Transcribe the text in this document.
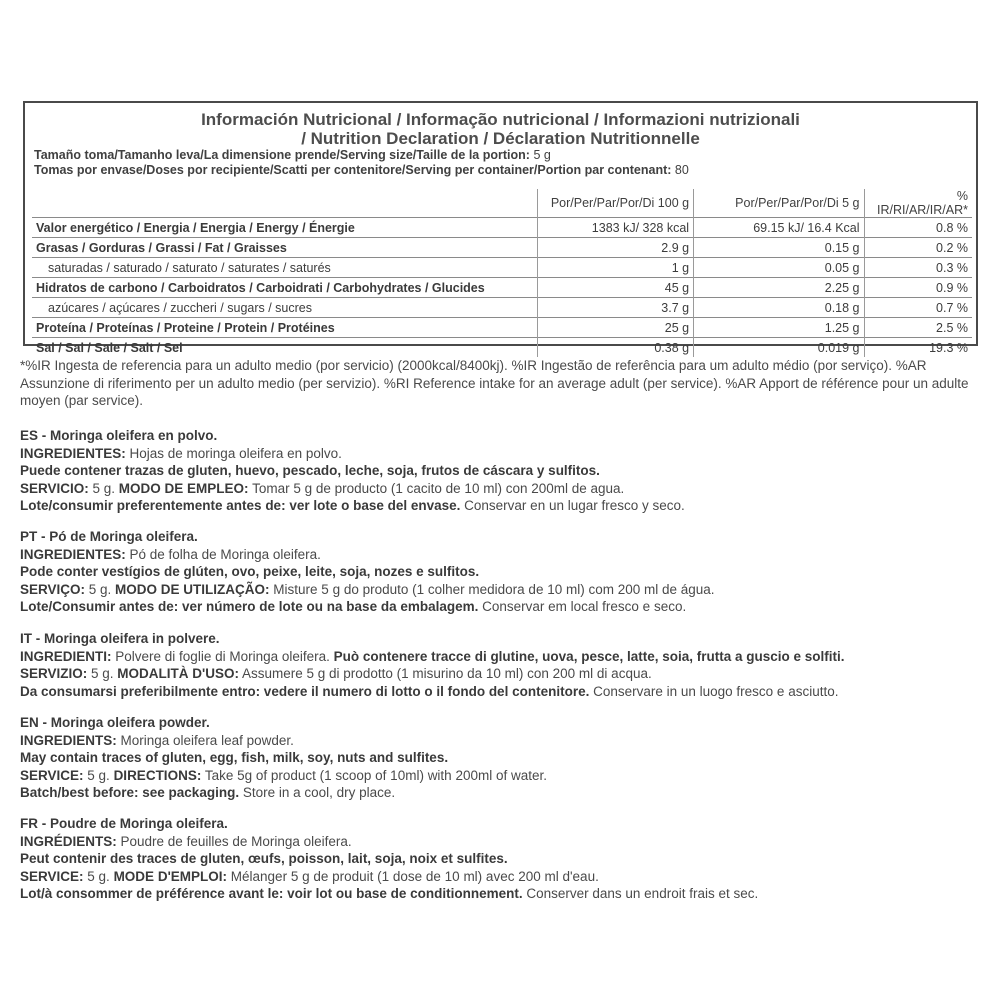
Información Nutricional / Informação nutricional / Informazioni nutrizionali
/ Nutrition Declaration / Déclaration Nutritionnelle
Tamaño toma/Tamanho leva/La dimensione prende/Serving size/Taille de la portion: 5 g
Tomas por envase/Doses por recipiente/Scatti per contenitore/Serving per container/Portion par contenant: 80
	Por/Per/Par/Por/Di 100 g	Por/Per/Par/Por/Di 5 g	% IR/RI/AR/IR/AR*
Valor energético / Energia / Energia / Energy / Énergie	1383 kJ/ 328 kcal	69.15 kJ/ 16.4 Kcal	0.8 %
Grasas / Gorduras / Grassi / Fat / Graisses	2.9 g	0.15 g	0.2 %
saturadas / saturado / saturato / saturates / saturés	1 g	0.05 g	0.3 %
Hidratos de carbono / Carboidratos / Carboidrati / Carbohydrates / Glucides	45 g	2.25 g	0.9 %
azúcares / açúcares / zuccheri / sugars / sucres	3.7 g	0.18 g	0.7 %
Proteína / Proteínas / Proteine / Protein / Protéines	25 g	1.25 g	2.5 %
Sal / Sal / Sale / Salt / Sel	0.38 g	0.019 g	19.3 %
*%IR Ingesta de referencia para un adulto medio (por servicio) (2000kcal/8400kj). %IR Ingestão de referência para um adulto médio (por serviço). %AR Assunzione di riferimento per un adulto medio (per servizio). %RI Reference intake for an average adult (per service). %AR Apport de référence pour un adulte moyen (par service).
ES - Moringa oleifera en polvo.
INGREDIENTES: Hojas de moringa oleifera en polvo.
Puede contener trazas de gluten, huevo, pescado, leche, soja, frutos de cáscara y sulfitos.
SERVICIO: 5 g. MODO DE EMPLEO: Tomar 5 g de producto (1 cacito de 10 ml) con 200ml de agua.
Lote/consumir preferentemente antes de: ver lote o base del envase. Conservar en un lugar fresco y seco.
PT - Pó de Moringa oleifera.
INGREDIENTES: Pó de folha de Moringa oleifera.
Pode conter vestígios de glúten, ovo, peixe, leite, soja, nozes e sulfitos.
SERVIÇO: 5 g. MODO DE UTILIZAÇÃO: Misture 5 g do produto (1 colher medidora de 10 ml) com 200 ml de água.
Lote/Consumir antes de: ver número de lote ou na base da embalagem. Conservar em local fresco e seco.
IT - Moringa oleifera in polvere.
INGREDIENTI: Polvere di foglie di Moringa oleifera. Può contenere tracce di glutine, uova, pesce, latte, soia, frutta a guscio e solfiti.
SERVIZIO: 5 g. MODALITÀ D'USO: Assumere 5 g di prodotto (1 misurino da 10 ml) con 200 ml di acqua.
Da consumarsi preferibilmente entro: vedere il numero di lotto o il fondo del contenitore. Conservare in un luogo fresco e asciutto.
EN - Moringa oleifera powder.
INGREDIENTS: Moringa oleifera leaf powder.
May contain traces of gluten, egg, fish, milk, soy, nuts and sulfites.
SERVICE: 5 g. DIRECTIONS: Take 5g of product (1 scoop of 10ml) with 200ml of water.
Batch/best before: see packaging. Store in a cool, dry place.
FR - Poudre de Moringa oleifera.
INGRÉDIENTS: Poudre de feuilles de Moringa oleifera.
Peut contenir des traces de gluten, œufs, poisson, lait, soja, noix et sulfites.
SERVICE: 5 g. MODE D'EMPLOI: Mélanger 5 g de produit (1 dose de 10 ml) avec 200 ml d'eau.
Lot/à consommer de préférence avant le: voir lot ou base de conditionnement. Conserver dans un endroit frais et sec.
